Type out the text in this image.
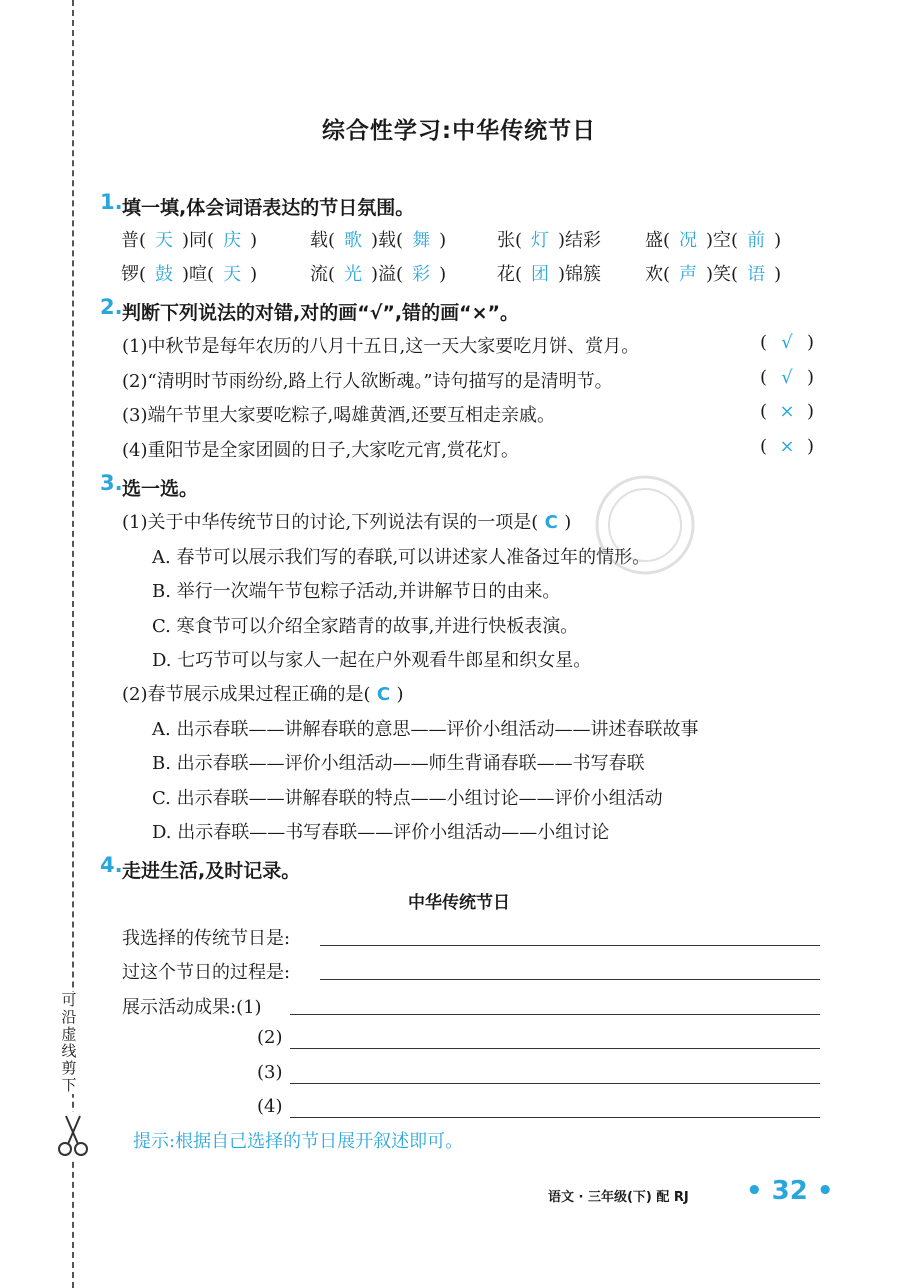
可沿虚线剪下
综合性学习:中华传统节日
1. 填一填,体会词语表达的节日氛围。
普( 天 )同( 庆 )	载( 歌 )载( 舞 )	张( 灯 )结彩 盛( 况 )空( 前 )
锣( 鼓 )喧( 天 )	流( 光 )溢( 彩 )	花( 团 )锦簇 欢( 声 )笑( 语 )
2. 判断下列说法的对错,对的画“√”,错的画“×”。
(1)中秋节是每年农历的八月十五日,这一天大家要吃月饼、赏月。	( √ )
(2)“清明时节雨纷纷,路上行人欲断魂。”诗句描写的是清明节。	( √ )
(3)端午节里大家要吃粽子,喝雄黄酒,还要互相走亲戚。	( × )
(4)重阳节是全家团圆的日子,大家吃元宵,赏花灯。	( × )
3. 选一选。
(1)关于中华传统节日的讨论,下列说法有误的一项是( C )
A. 春节可以展示我们写的春联,可以讲述家人准备过年的情形。
B. 举行一次端午节包粽子活动,并讲解节日的由来。
C. 寒食节可以介绍全家踏青的故事,并进行快板表演。
D. 七巧节可以与家人一起在户外观看牛郎星和织女星。
(2)春节展示成果过程正确的是( C )
A. 出示春联——讲解春联的意思——评价小组活动——讲述春联故事
B. 出示春联——评价小组活动——师生背诵春联——书写春联
C. 出示春联——讲解春联的特点——小组讨论——评价小组活动
D. 出示春联——书写春联——评价小组活动——小组讨论
4. 走进生活,及时记录。
中华传统节日
我选择的传统节日是:
过这个节日的过程是:
展示活动成果:(1)
(2)
(3)
(4)
提示:根据自己选择的节日展开叙述即可。
语文 · 三年级(下) 配 RJ • 32 •
